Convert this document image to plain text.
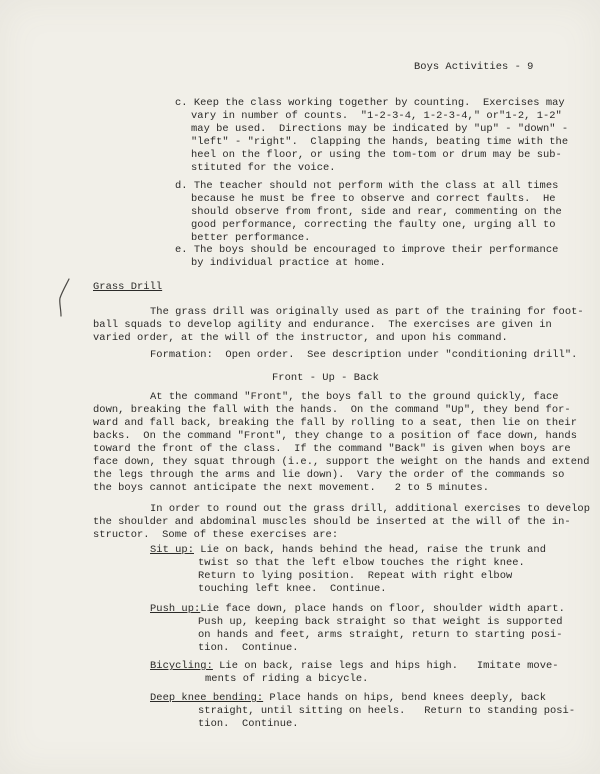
Boys Activities - 9
c. Keep the class working together by counting.  Exercises may
vary in number of counts.  "1-2-3-4, 1-2-3-4," or"1-2, 1-2"
may be used.  Directions may be indicated by "up" - "down" -
"left" - "right".  Clapping the hands, beating time with the
heel on the floor, or using the tom-tom or drum may be sub-
stituted for the voice.
d. The teacher should not perform with the class at all times
because he must be free to observe and correct faults.  He
should observe from front, side and rear, commenting on the
good performance, correcting the faulty one, urging all to
better performance.
e. The boys should be encouraged to improve their performance
by individual practice at home.
Grass Drill
The grass drill was originally used as part of the training for foot-
ball squads to develop agility and endurance.  The exercises are given in
varied order, at the will of the instructor, and upon his command.
Formation:  Open order.  See description under "conditioning drill".
Front - Up - Back
At the command "Front", the boys fall to the ground quickly, face
down, breaking the fall with the hands.  On the command "Up", they bend for-
ward and fall back, breaking the fall by rolling to a seat, then lie on their
backs.  On the command "Front", they change to a position of face down, hands
toward the front of the class.  If the command "Back" is given when boys are
face down, they squat through (i.e., support the weight on the hands and extend
the legs through the arms and lie down).  Vary the order of the commands so
the boys cannot anticipate the next movement.   2 to 5 minutes.
In order to round out the grass drill, additional exercises to develop
the shoulder and abdominal muscles should be inserted at the will of the in-
structor.  Some of these exercises are:
Sit up: Lie on back, hands behind the head, raise the trunk and
twist so that the left elbow touches the right knee.
Return to lying position.  Repeat with right elbow
touching left knee.  Continue.
Push up:Lie face down, place hands on floor, shoulder width apart.
Push up, keeping back straight so that weight is supported
on hands and feet, arms straight, return to starting posi-
tion.  Continue.
Bicycling: Lie on back, raise legs and hips high.   Imitate move-
ments of riding a bicycle.
Deep knee bending: Place hands on hips, bend knees deeply, back
straight, until sitting on heels.   Return to standing posi-
tion.  Continue.
